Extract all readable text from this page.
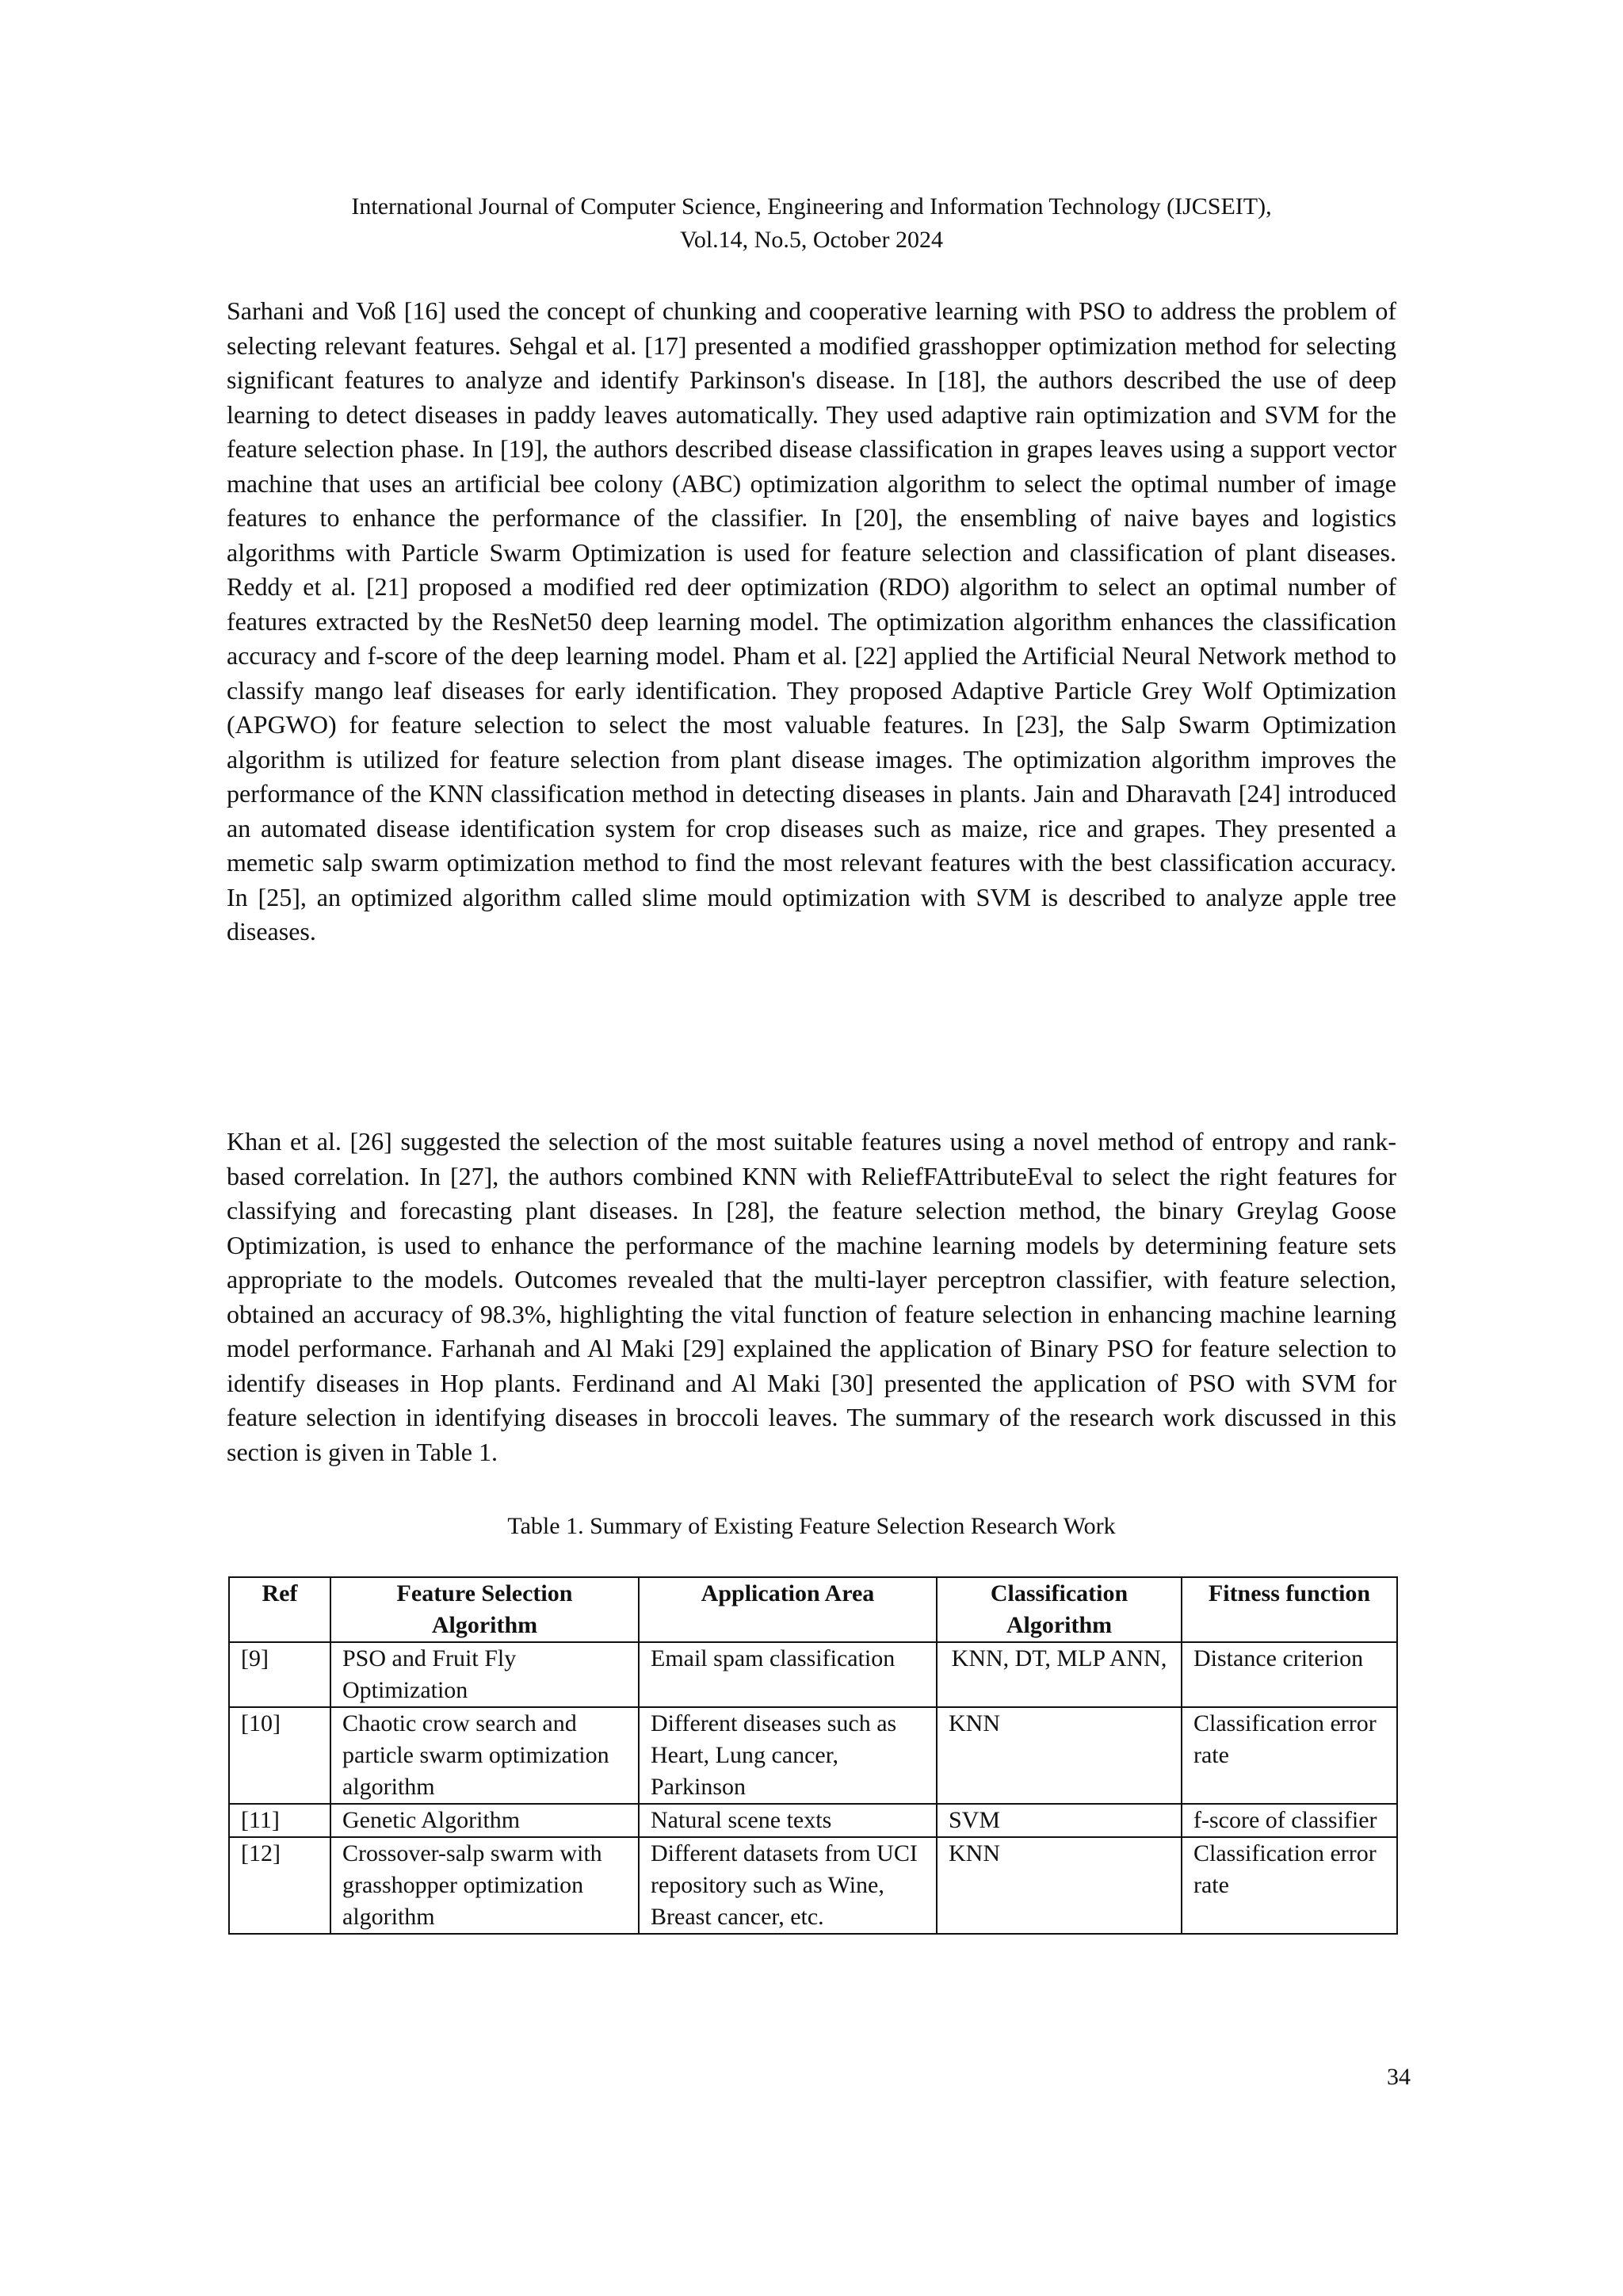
International Journal of Computer Science, Engineering and Information Technology (IJCSEIT),
Vol.14, No.5, October 2024

Sarhani and Voß [16] used the concept of chunking and cooperative learning with PSO to address the problem of selecting relevant features. Sehgal et al. [17] presented a modified grasshopper optimization method for selecting significant features to analyze and identify Parkinson's disease. In [18], the authors described the use of deep learning to detect diseases in paddy leaves automatically. They used adaptive rain optimization and SVM for the feature selection phase. In [19], the authors described disease classification in grapes leaves using a support vector machine that uses an artificial bee colony (ABC) optimization algorithm to select the optimal number of image features to enhance the performance of the classifier. In [20], the ensembling of naive bayes and logistics algorithms with Particle Swarm Optimization is used for feature selection and classification of plant diseases. Reddy et al. [21] proposed a modified red deer optimization (RDO) algorithm to select an optimal number of features extracted by the ResNet50 deep learning model. The optimization algorithm enhances the classification accuracy and f-score of the deep learning model. Pham et al. [22] applied the Artificial Neural Network method to classify mango leaf diseases for early identification. They proposed Adaptive Particle Grey Wolf Optimization (APGWO) for feature selection to select the most valuable features. In [23], the Salp Swarm Optimization algorithm is utilized for feature selection from plant disease images. The optimization algorithm improves the performance of the KNN classification method in detecting diseases in plants. Jain and Dharavath [24] introduced an automated disease identification system for crop diseases such as maize, rice and grapes. They presented a memetic salp swarm optimization method to find the most relevant features with the best classification accuracy. In [25], an optimized algorithm called slime mould optimization with SVM is described to analyze apple tree diseases.

Khan et al. [26] suggested the selection of the most suitable features using a novel method of entropy and rank-based correlation. In [27], the authors combined KNN with ReliefFAttributeEval to select the right features for classifying and forecasting plant diseases. In [28], the feature selection method, the binary Greylag Goose Optimization, is used to enhance the performance of the machine learning models by determining feature sets appropriate to the models. Outcomes revealed that the multi-layer perceptron classifier, with feature selection, obtained an accuracy of 98.3%, highlighting the vital function of feature selection in enhancing machine learning model performance. Farhanah and Al Maki [29] explained the application of Binary PSO for feature selection to identify diseases in Hop plants. Ferdinand and Al Maki [30] presented the application of PSO with SVM for feature selection in identifying diseases in broccoli leaves. The summary of the research work discussed in this section is given in Table 1.

Table 1. Summary of Existing Feature Selection Research Work
Ref	Feature Selection Algorithm	Application Area	Classification Algorithm	Fitness function
[9]	PSO and Fruit Fly Optimization	Email spam classification	KNN, DT, MLP ANN,	Distance criterion
[10]	Chaotic crow search and particle swarm optimization algorithm	Different diseases such as Heart, Lung cancer, Parkinson	KNN	Classification error rate
[11]	Genetic Algorithm	Natural scene texts	SVM	f-score of classifier
[12]	Crossover-salp swarm with grasshopper optimization algorithm	Different datasets from UCI repository such as Wine, Breast cancer, etc.	KNN	Classification error rate
34
